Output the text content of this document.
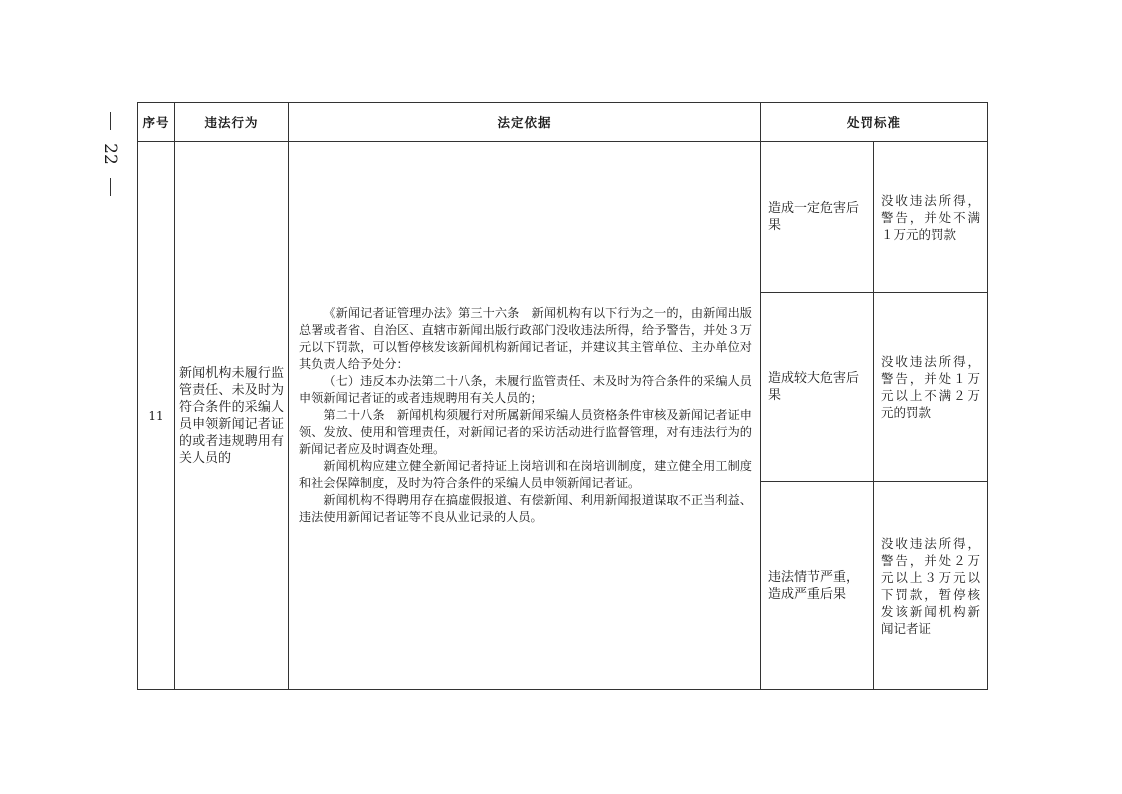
22
序号	违法行为	法定依据	处罚标准	
11	新闻机构未履行监管责任、未及时为符合条件的采编人员申领新闻记者证的或者违规聘用有关人员的	《新闻记者证管理办法》第三十六条　新闻机构有以下行为之一的，由新闻出版总署或者省、自治区、直辖市新闻出版行政部门没收违法所得，给予警告，并处３万元以下罚款，可以暂停核发该新闻机构新闻记者证，并建议其主管单位、主办单位对其负责人给予处分：

（七）违反本办法第二十八条，未履行监管责任、未及时为符合条件的采编人员申领新闻记者证的或者违规聘用有关人员的；

第二十八条　新闻机构须履行对所属新闻采编人员资格条件审核及新闻记者证申领、发放、使用和管理责任，对新闻记者的采访活动进行监督管理，对有违法行为的新闻记者应及时调查处理。

新闻机构应建立健全新闻记者持证上岗培训和在岗培训制度，建立健全用工制度和社会保障制度，及时为符合条件的采编人员申领新闻记者证。

新闻机构不得聘用存在搞虚假报道、有偿新闻、利用新闻报道谋取不正当利益、违法使用新闻记者证等不良从业记录的人员。	造成一定危害后果	没收违法所得，警告，并处不满１万元的罚款
			造成较大危害后果	没收违法所得，警告，并处１万元以上不满２万元的罚款
			违法情节严重，造成严重后果	没收违法所得，警告，并处２万元以上３万元以下罚款，暂停核发该新闻机构新闻记者证
